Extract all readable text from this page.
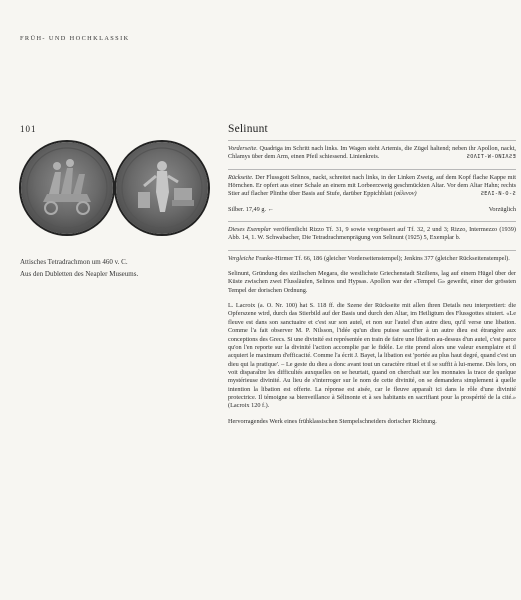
FRÜH- UND HOCHKLASSIK
101
Attisches Tetradrachmon um 460 v. C.
Aus den Dubletten des Neapler Museums.
Selinunt

Vorderseite. Quadriga im Schritt nach links. Im Wagen steht Artemis, die Zügel haltend; neben ihr Apollon, nackt, Chlamys über dem Arm, einen Pfeil schiessend. Linienkreis.	ƧOΛIΤ-W-ΟΝΙΛƧƎ

Rückseite. Der Flussgott Selinos, nackt, schreitet nach links, in der Linken Zweig, auf dem Kopf flache Kappe mit Hörnchen. Er opfert aus einer Schale an einem mit Lorbeerzweig geschmückten Altar. Vor dem Altar Hahn; rechts Stier auf flacher Plinthe über Basis auf Stufe, darüber Eppichblatt (σέλινον)	ƧΕΛΙ-Ν-Ο-Ƨ

Silber. 17,49 g. ←	Vorzüglich

Dieses Exemplar veröffentlicht Rizzo Tf. 31, 9 sowie vergrössert auf Tf. 32, 2 und 3; Rizzo, Intermezzo (1939) Abb. 14, 1. W. Schwabacher, Die Tetradrachmenprägung von Selinunt (1925) 5, Exemplar b.

Vergleiche Franke-Hirmer Tf. 66, 186 (gleicher Vorderseitenstempel); Jenkins 377 (gleicher Rückseitenstempel).

Selinunt, Gründung des sizilischen Megara, die westlichste Griechenstadt Siziliens, lag auf einem Hügel über der Küste zwischen zwei Flussläufen, Selinos und Hypsas. Apollon war der «Tempel G» geweiht, einer der grössten Tempel der dorischen Ordnung.

L. Lacroix (a. O. Nr. 100) hat S. 118 ff. die Szene der Rückseite mit allen ihren Details neu interpretiert: die Opferszene wird, durch das Stierbild auf der Basis und durch den Altar, im Heiligtum des Flussgottes situiert. «Le fleuve est dans son sanctuaire et c'est sur son autel, et non sur l'autel d'un autre dieu, qu'il verse une libation. Comme l'a fait observer M. P. Nilsson, l'idée qu'un dieu puisse sacrifier à un autre dieu est étrangère aux conceptions des Grecs. Si une divinité est représentée en train de faire une libation au-dessus d'un autel, c'est parce qu'on l'en reporte sur la divinité l'action accomplie par le fidèle. Le rite prend alors une valeur exemplaire et il acquiert le maximum d'efficacité. Comme l'a écrit J. Bayet, la libation est 'portée au plus haut degré, quand c'est un dieu qui la pratique'. – Le geste du dieu a donc avant tout un caractère rituel et il se suffit à lui-meme. Dès lors, on voit disparaître les difficultés auxquelles on se heurtait, quand on cherchait sur les monnaies la trace de quelque mystérieuse divinité. Au lieu de s'interroger sur le nom de cette divinité, on se demandera simplement à quelle intention la libation est offerte. La réponse est aisée, car le fleuve apparaît ici dans le rôle d'une divinité protectrice. Il témoigne sa bienveillance à Sélinonte et à ses habitants en sacrifiant pour la prospérité de la cité.» (Lacroix 120 f.).

Hervorragendes Werk eines frühklassischen Stempelschneiders dorischer Richtung.
